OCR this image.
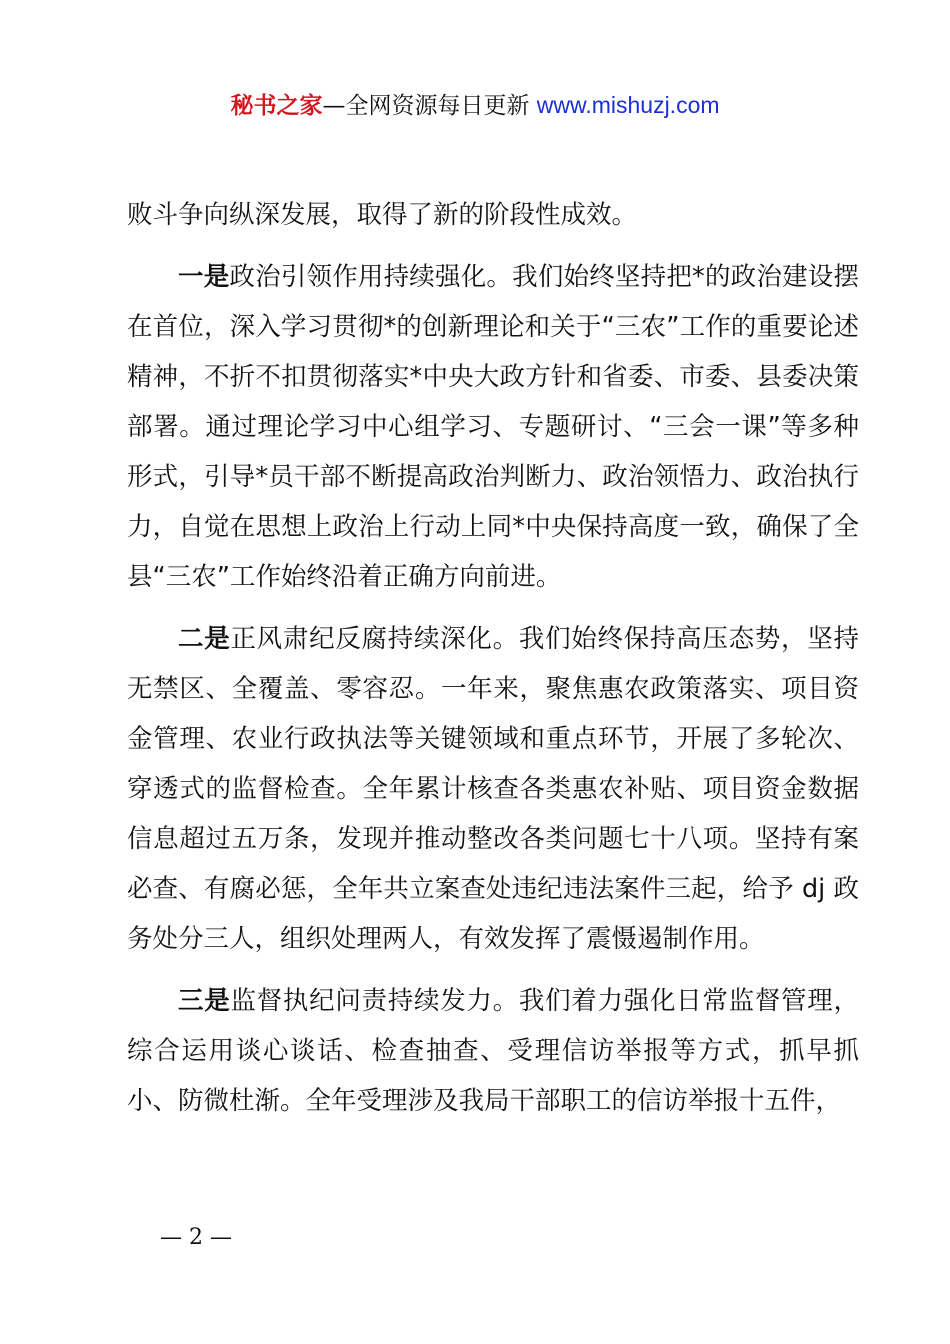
秘书之家—全网资源每日更新 www.mishuzj.com

败斗争向纵深发展，取得了新的阶段性成效。

一是政治引领作用持续强化。我们始终坚持把*的政治建设摆在首位，深入学习贯彻*的创新理论和关于“三农”工作的重要论述精神，不折不扣贯彻落实*中央大政方针和省委、市委、县委决策部署。通过理论学习中心组学习、专题研讨、“三会一课”等多种形式，引导*员干部不断提高政治判断力、政治领悟力、政治执行力，自觉在思想上政治上行动上同*中央保持高度一致，确保了全县“三农”工作始终沿着正确方向前进。

二是正风肃纪反腐持续深化。我们始终保持高压态势，坚持无禁区、全覆盖、零容忍。一年来，聚焦惠农政策落实、项目资金管理、农业行政执法等关键领域和重点环节，开展了多轮次、穿透式的监督检查。全年累计核查各类惠农补贴、项目资金数据信息超过五万条，发现并推动整改各类问题七十八项。坚持有案必查、有腐必惩，全年共立案查处违纪违法案件三起，给予 dj 政务处分三人，组织处理两人，有效发挥了震慑遏制作用。

三是监督执纪问责持续发力。我们着力强化日常监督管理，综合运用谈心谈话、检查抽查、受理信访举报等方式，抓早抓小、防微杜渐。全年受理涉及我局干部职工的信访举报十五件，

— 2 —
